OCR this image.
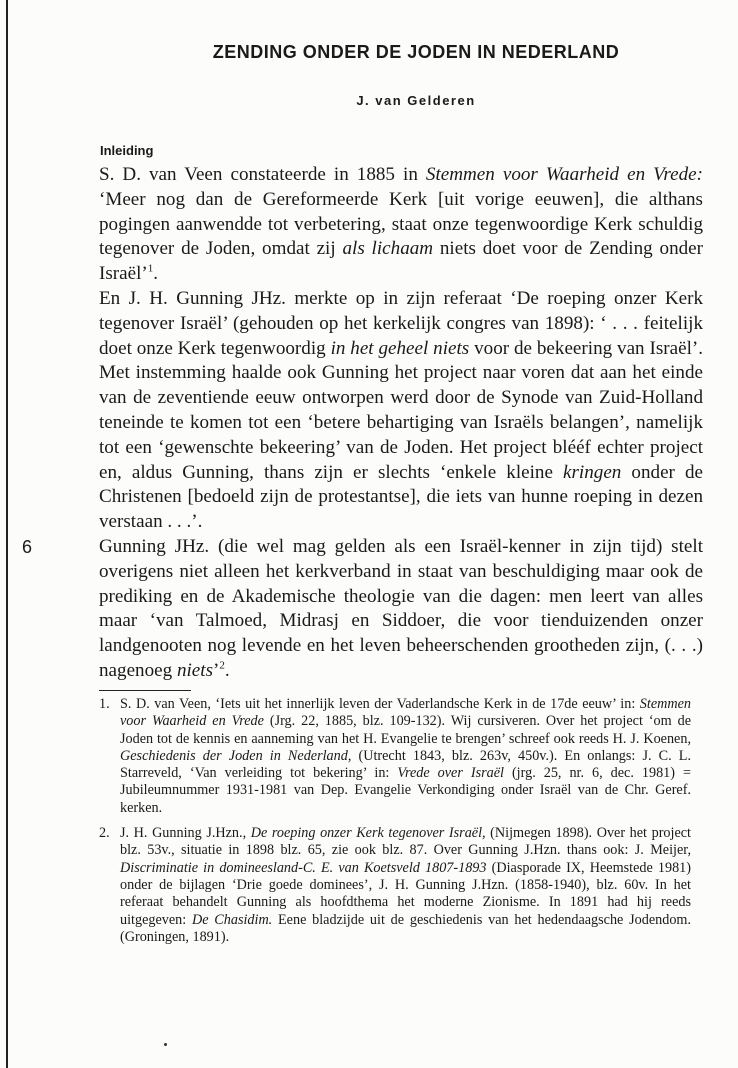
ZENDING ONDER DE JODEN IN NEDERLAND
J. van Gelderen
Inleiding

S. D. van Veen constateerde in 1885 in Stemmen voor Waarheid en Vrede: ‘Meer nog dan de Gereformeerde Kerk [uit vorige eeuwen], die althans pogingen aanwendde tot verbetering, staat onze tegenwoordige Kerk schuldig tegenover de Joden, omdat zij als lichaam niets doet voor de Zending onder Israël’$^1$.

En J. H. Gunning JHz. merkte op in zijn referaat ‘De roeping onzer Kerk tegenover Israël’ (gehouden op het kerkelijk congres van 1898): ‘ . . . feitelijk doet onze Kerk tegenwoordig in het geheel niets voor de bekeering van Israël’. Met instemming haalde ook Gunning het project naar voren dat aan het einde van de zeventiende eeuw ontworpen werd door de Synode van Zuid-Holland teneinde te komen tot een ‘betere behartiging van Israëls belangen’, namelijk tot een ‘gewenschte bekeering’ van de Joden. Het project blééf echter project en, aldus Gunning, thans zijn er slechts ‘enkele kleine kringen onder de Christenen [bedoeld zijn de protestantse], die iets van hunne roeping in dezen verstaan . . .’.

Gunning JHz. (die wel mag gelden als een Israël-kenner in zijn tijd) stelt overigens niet alleen het kerkverband in staat van beschuldiging maar ook de prediking en de Akademische theologie van die dagen: men leert van alles maar ‘van Talmoed, Midrasj en Siddoer, die voor tienduizenden onzer landgenooten nog levende en het leven beheerschenden grootheden zijn, (. . .) nagenoeg niets’$^2$.

6
1. S. D. van Veen, ‘Iets uit het innerlijk leven der Vaderlandsche Kerk in de 17de eeuw’ in: Stemmen voor Waarheid en Vrede (Jrg. 22, 1885, blz. 109-132). Wij cursiveren. Over het project ‘om de Joden tot de kennis en aanneming van het H. Evangelie te brengen’ schreef ook reeds H. J. Koenen, Geschiedenis der Joden in Nederland, (Utrecht 1843, blz. 263v, 450v.). En onlangs: J. C. L. Starreveld, ‘Van verleiding tot bekering’ in: Vrede over Israël (jrg. 25, nr. 6, dec. 1981) = Jubileumnummer 1931-1981 van Dep. Evangelie Verkondiging onder Israël van de Chr. Geref. kerken.
2. J. H. Gunning J.Hzn., De roeping onzer Kerk tegenover Israël, (Nijmegen 1898). Over het project blz. 53v., situatie in 1898 blz. 65, zie ook blz. 87. Over Gunning J.Hzn. thans ook: J. Meijer, Discriminatie in domineesland-C. E. van Koetsveld 1807-1893 (Diasporade IX, Heemstede 1981) onder de bijlagen ‘Drie goede dominees’, J. H. Gunning J.Hzn. (1858-1940), blz. 60v. In het referaat behandelt Gunning als hoofdthema het moderne Zionisme. In 1891 had hij reeds uitgegeven: De Chasidim. Eene bladzijde uit de geschiedenis van het hedendaagsche Jodendom. (Groningen, 1891).
